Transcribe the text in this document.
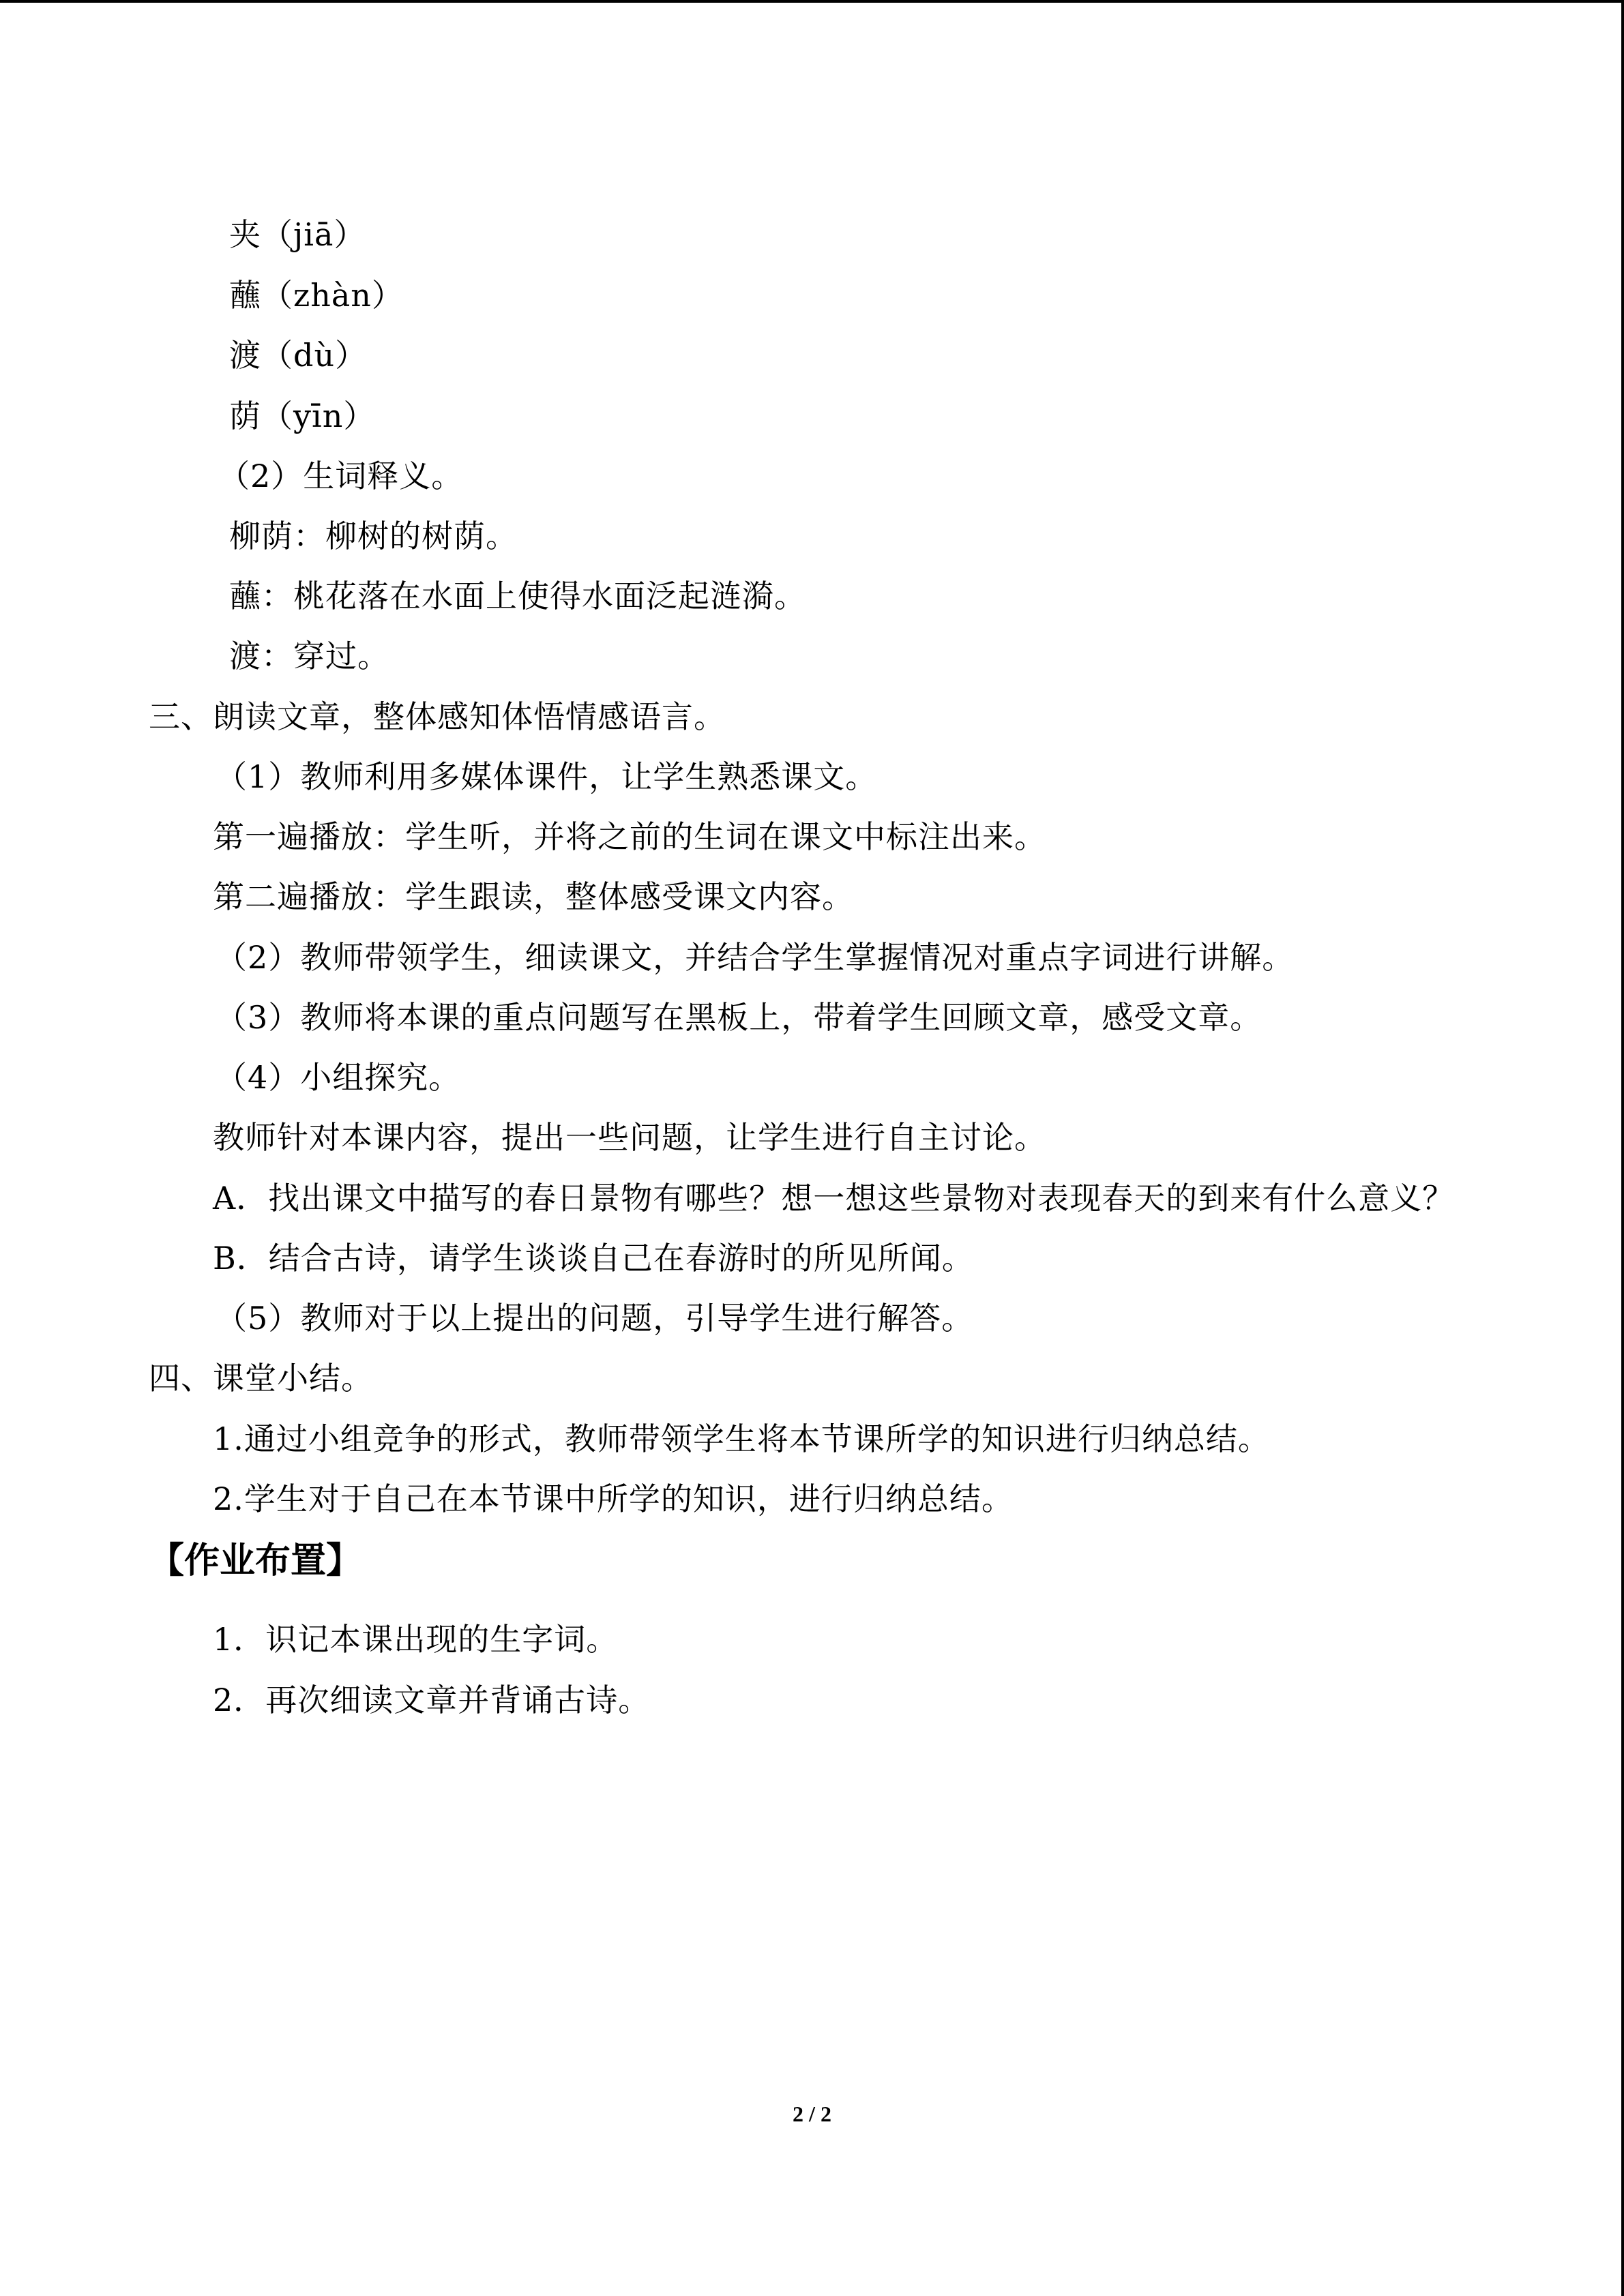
夹（jiā）
蘸（zhàn）
渡（dù）
荫（yīn）
（2）生词释义。
柳荫：柳树的树荫。
蘸：桃花落在水面上使得水面泛起涟漪。
渡：穿过。
三、朗读文章，整体感知体悟情感语言。
（1）教师利用多媒体课件，让学生熟悉课文。
第一遍播放：学生听，并将之前的生词在课文中标注出来。
第二遍播放：学生跟读，整体感受课文内容。
（2）教师带领学生，细读课文，并结合学生掌握情况对重点字词进行讲解。
（3）教师将本课的重点问题写在黑板上，带着学生回顾文章，感受文章。
（4）小组探究。
教师针对本课内容，提出一些问题，让学生进行自主讨论。
A．找出课文中描写的春日景物有哪些？想一想这些景物对表现春天的到来有什么意义？
B．结合古诗，请学生谈谈自己在春游时的所见所闻。
（5）教师对于以上提出的问题，引导学生进行解答。
四、课堂小结。
1.通过小组竞争的形式，教师带领学生将本节课所学的知识进行归纳总结。
2.学生对于自己在本节课中所学的知识，进行归纳总结。
【作业布置】
1．识记本课出现的生字词。
2．再次细读文章并背诵古诗。
2 / 2
